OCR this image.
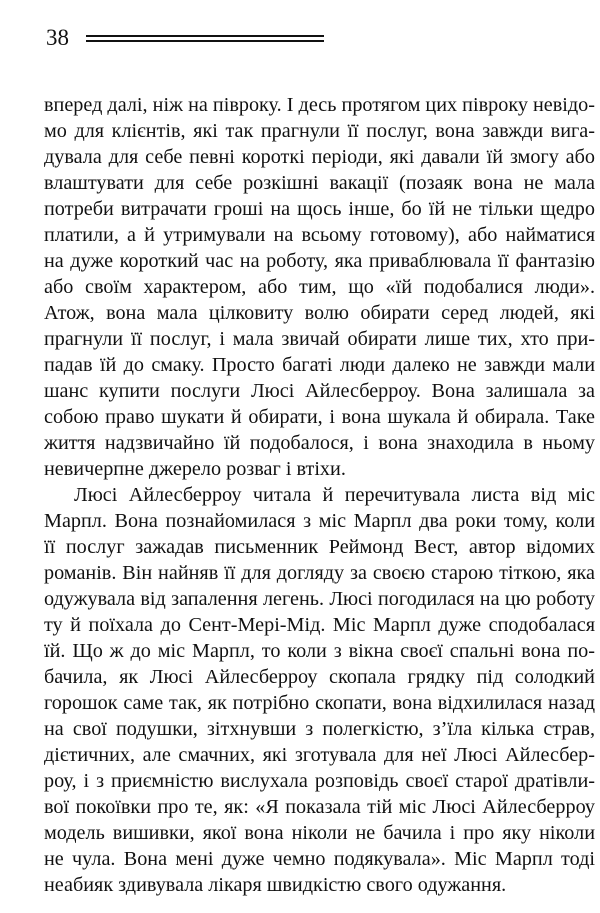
38
вперед далі, ніж на півроку. І десь протягом цих півроку невідо-
мо для клієнтів, які так прагнули її послуг, вона завжди вига-
дувала для себе певні короткі періоди, які давали їй змогу або
влаштувати для себе розкішні вакації (позаяк вона не мала
потреби витрачати гроші на щось інше, бо їй не тільки щедро
платили, а й утримували на всьому готовому), або найматися
на дуже короткий час на роботу, яка приваблювала її фантазію
або своїм характером, або тим, що «їй подобалися люди».
Атож, вона мала цілковиту волю обирати серед людей, які
прагнули її послуг, і мала звичай обирати лише тих, хто при-
падав їй до смаку. Просто багаті люди далеко не завжди мали
шанс купити послуги Люсі Айлесберроу. Вона залишала за
собою право шукати й обирати, і вона шукала й обирала. Таке
життя надзвичайно їй подобалося, і вона знаходила в ньому
невичерпне джерело розваг і втіхи.
Люсі Айлесберроу читала й перечитувала листа від міс
Марпл. Вона познайомилася з міс Марпл два роки тому, коли
її послуг зажадав письменник Реймонд Вест, автор відомих
романів. Він найняв її для догляду за своєю старою тіткою, яка
одужувала від запалення легень. Люсі погодилася на цю роботу
ту й поїхала до Сент-Мері-Мід. Міс Марпл дуже сподобалася
їй. Що ж до міс Марпл, то коли з вікна своєї спальні вона по-
бачила, як Люсі Айлесберроу скопала грядку під солодкий
горошок саме так, як потрібно скопати, вона відхилилася назад
на свої подушки, зітхнувши з полегкістю, з’їла кілька страв,
дієтичних, але смачних, які зготувала для неї Люсі Айлесбер-
роу, і з приємністю вислухала розповідь своєї старої дратівли-
вої покоївки про те, як: «Я показала тій міс Люсі Айлесберроу
модель вишивки, якої вона ніколи не бачила і про яку ніколи
не чула. Вона мені дуже чемно подякувала». Міс Марпл тоді
неабияк здивувала лікаря швидкістю свого одужання.
